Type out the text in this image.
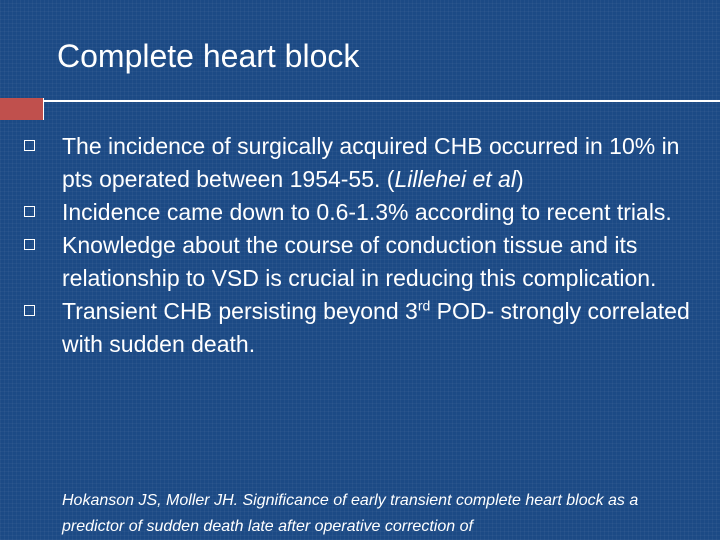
Complete heart block
The incidence of surgically acquired CHB occurred in 10% in pts operated between 1954-55. (Lillehei et al)
Incidence came down to 0.6-1.3% according to recent trials.
Knowledge about the course of conduction tissue and its relationship to VSD is crucial in reducing this complication.
Transient CHB persisting beyond 3rd POD- strongly correlated with sudden death.
Hokanson JS, Moller JH. Significance of early transient complete heart block as a predictor of sudden death late after operative correction of
